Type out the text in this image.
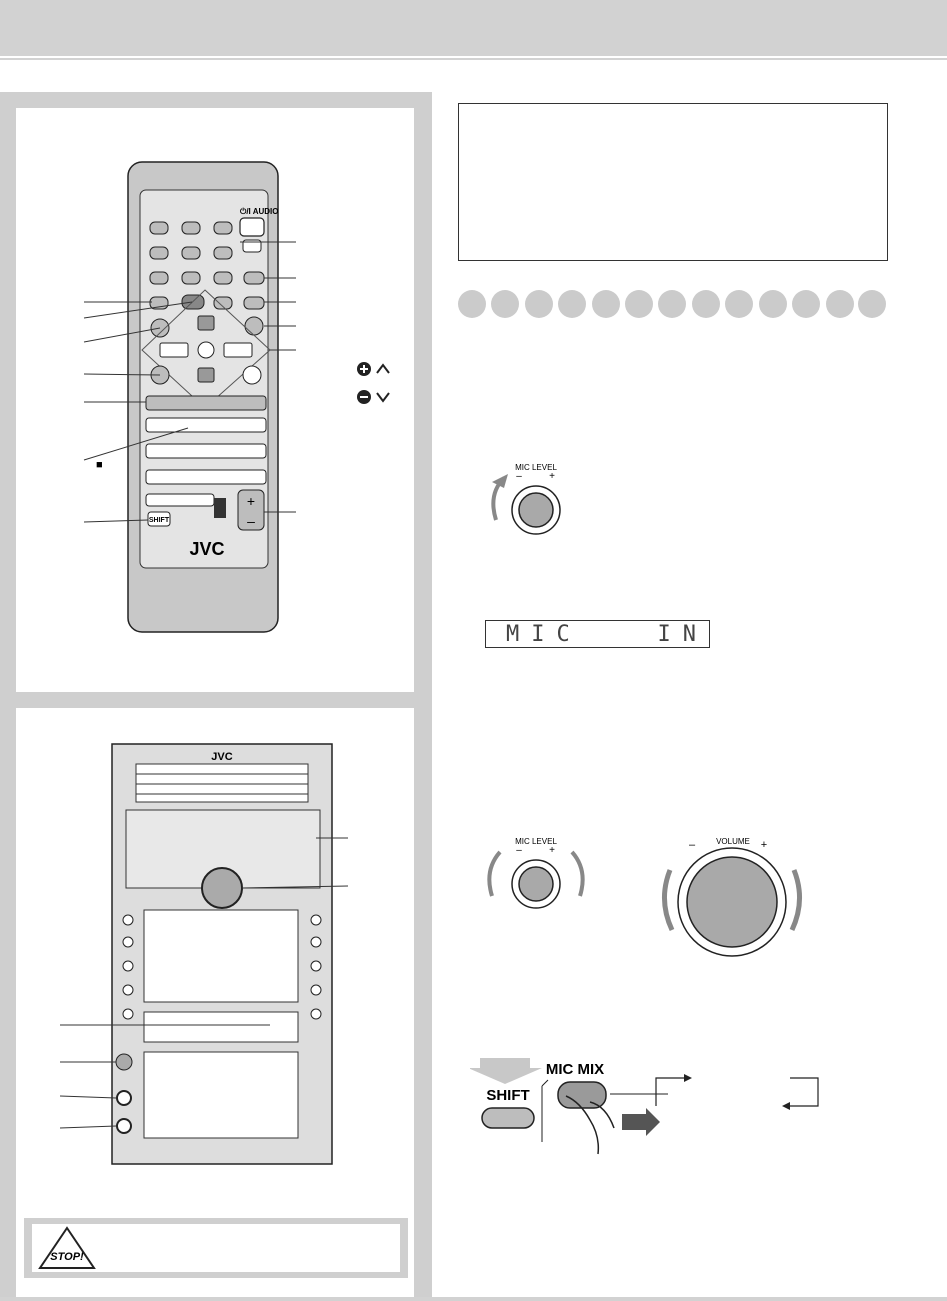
STOP!
⏻/I AUDIO
+
–
SHIFT
JVC
■
JVC
MIC LEVEL
–	+
MIC   IN
MIC LEVEL
–	+
VOLUME
–	+
SHIFT
MIC MIX
